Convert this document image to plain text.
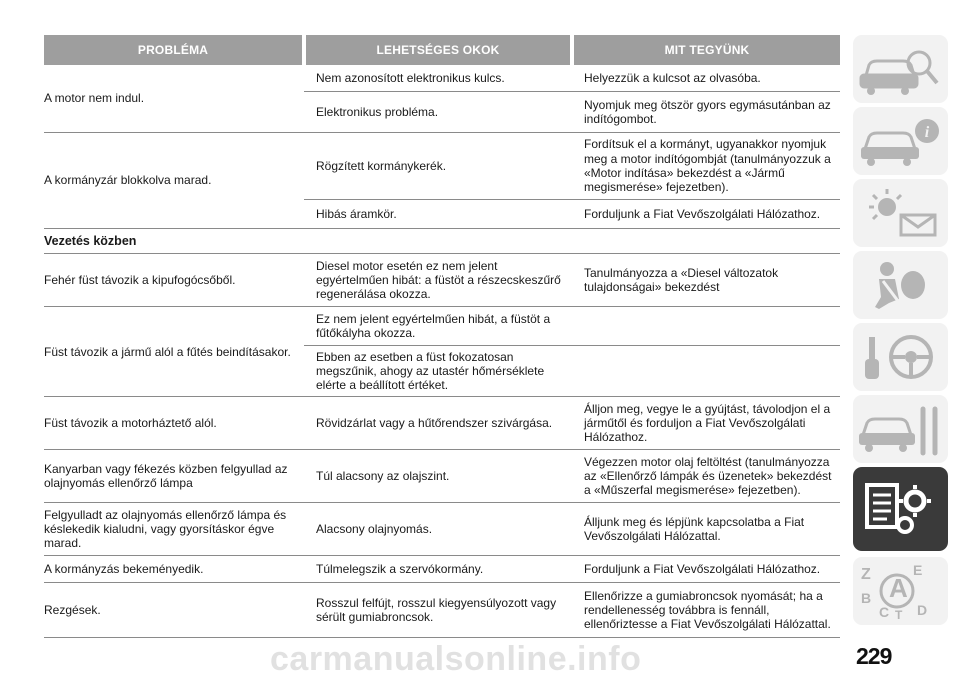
PROBLÉMA	LEHETSÉGES OKOK	MIT TEGYÜNK
A motor nem indul.	Nem azonosított elektronikus kulcs.	Helyezzük a kulcsot az olvasóba.
	Elektronikus probléma.	Nyomjuk meg ötször gyors egymásutánban az indítógombot.
A kormányzár blokkolva marad.	Rögzített kormánykerék.	Fordítsuk el a kormányt, ugyanakkor nyomjuk meg a motor indítógombját (tanulmányozzuk a «Motor indítása» bekezdést a «Jármű megismerése» fejezetben).
	Hibás áramkör.	Forduljunk a Fiat Vevőszolgálati Hálózathoz.
Vezetés közben		
Fehér füst távozik a kipufogócsőből.	Diesel motor esetén ez nem jelent egyértelműen hibát: a füstöt a részecskeszűrő regenerálása okozza.	Tanulmányozza a «Diesel változatok tulajdonságai» bekezdést
Füst távozik a jármű alól a fűtés beindításakor.	Ez nem jelent egyértelműen hibát, a füstöt a fűtőkályha okozza.	
	Ebben az esetben a füst fokozatosan megszűnik, ahogy az utastér hőmérséklete elérte a beállított értéket.	
Füst távozik a motorháztető alól.	Rövidzárlat vagy a hűtőrendszer szivárgása.	Álljon meg, vegye le a gyújtást, távolodjon el a járműtől és forduljon a Fiat Vevőszolgálati Hálózathoz.
Kanyarban vagy fékezés közben felgyullad az olajnyomás ellenőrző lámpa	Túl alacsony az olajszint.	Végezzen motor olaj feltöltést (tanulmányozza az «Ellenőrző lámpák és üzenetek» bekezdést a «Műszerfal megismerése» fejezetben).
Felgyulladt az olajnyomás ellenőrző lámpa és késlekedik kialudni, vagy gyorsításkor égve marad.	Alacsony olajnyomás.	Álljunk meg és lépjünk kapcsolatba a Fiat Vevőszolgálati Hálózattal.
A kormányzás bekeményedik.	Túlmelegszik a szervókormány.	Forduljunk a Fiat Vevőszolgálati Hálózathoz.
Rezgések.	Rosszul felfújt, rosszul kiegyensúlyozott vagy sérült gumiabroncsok.	Ellenőrizze a gumiabroncsok nyomását; ha a rendellenesség továbbra is fennáll, ellenőriztesse a Fiat Vevőszolgálati Hálózattal.
i
Z	E
B A
C T D
229
carmanualsonline.info
